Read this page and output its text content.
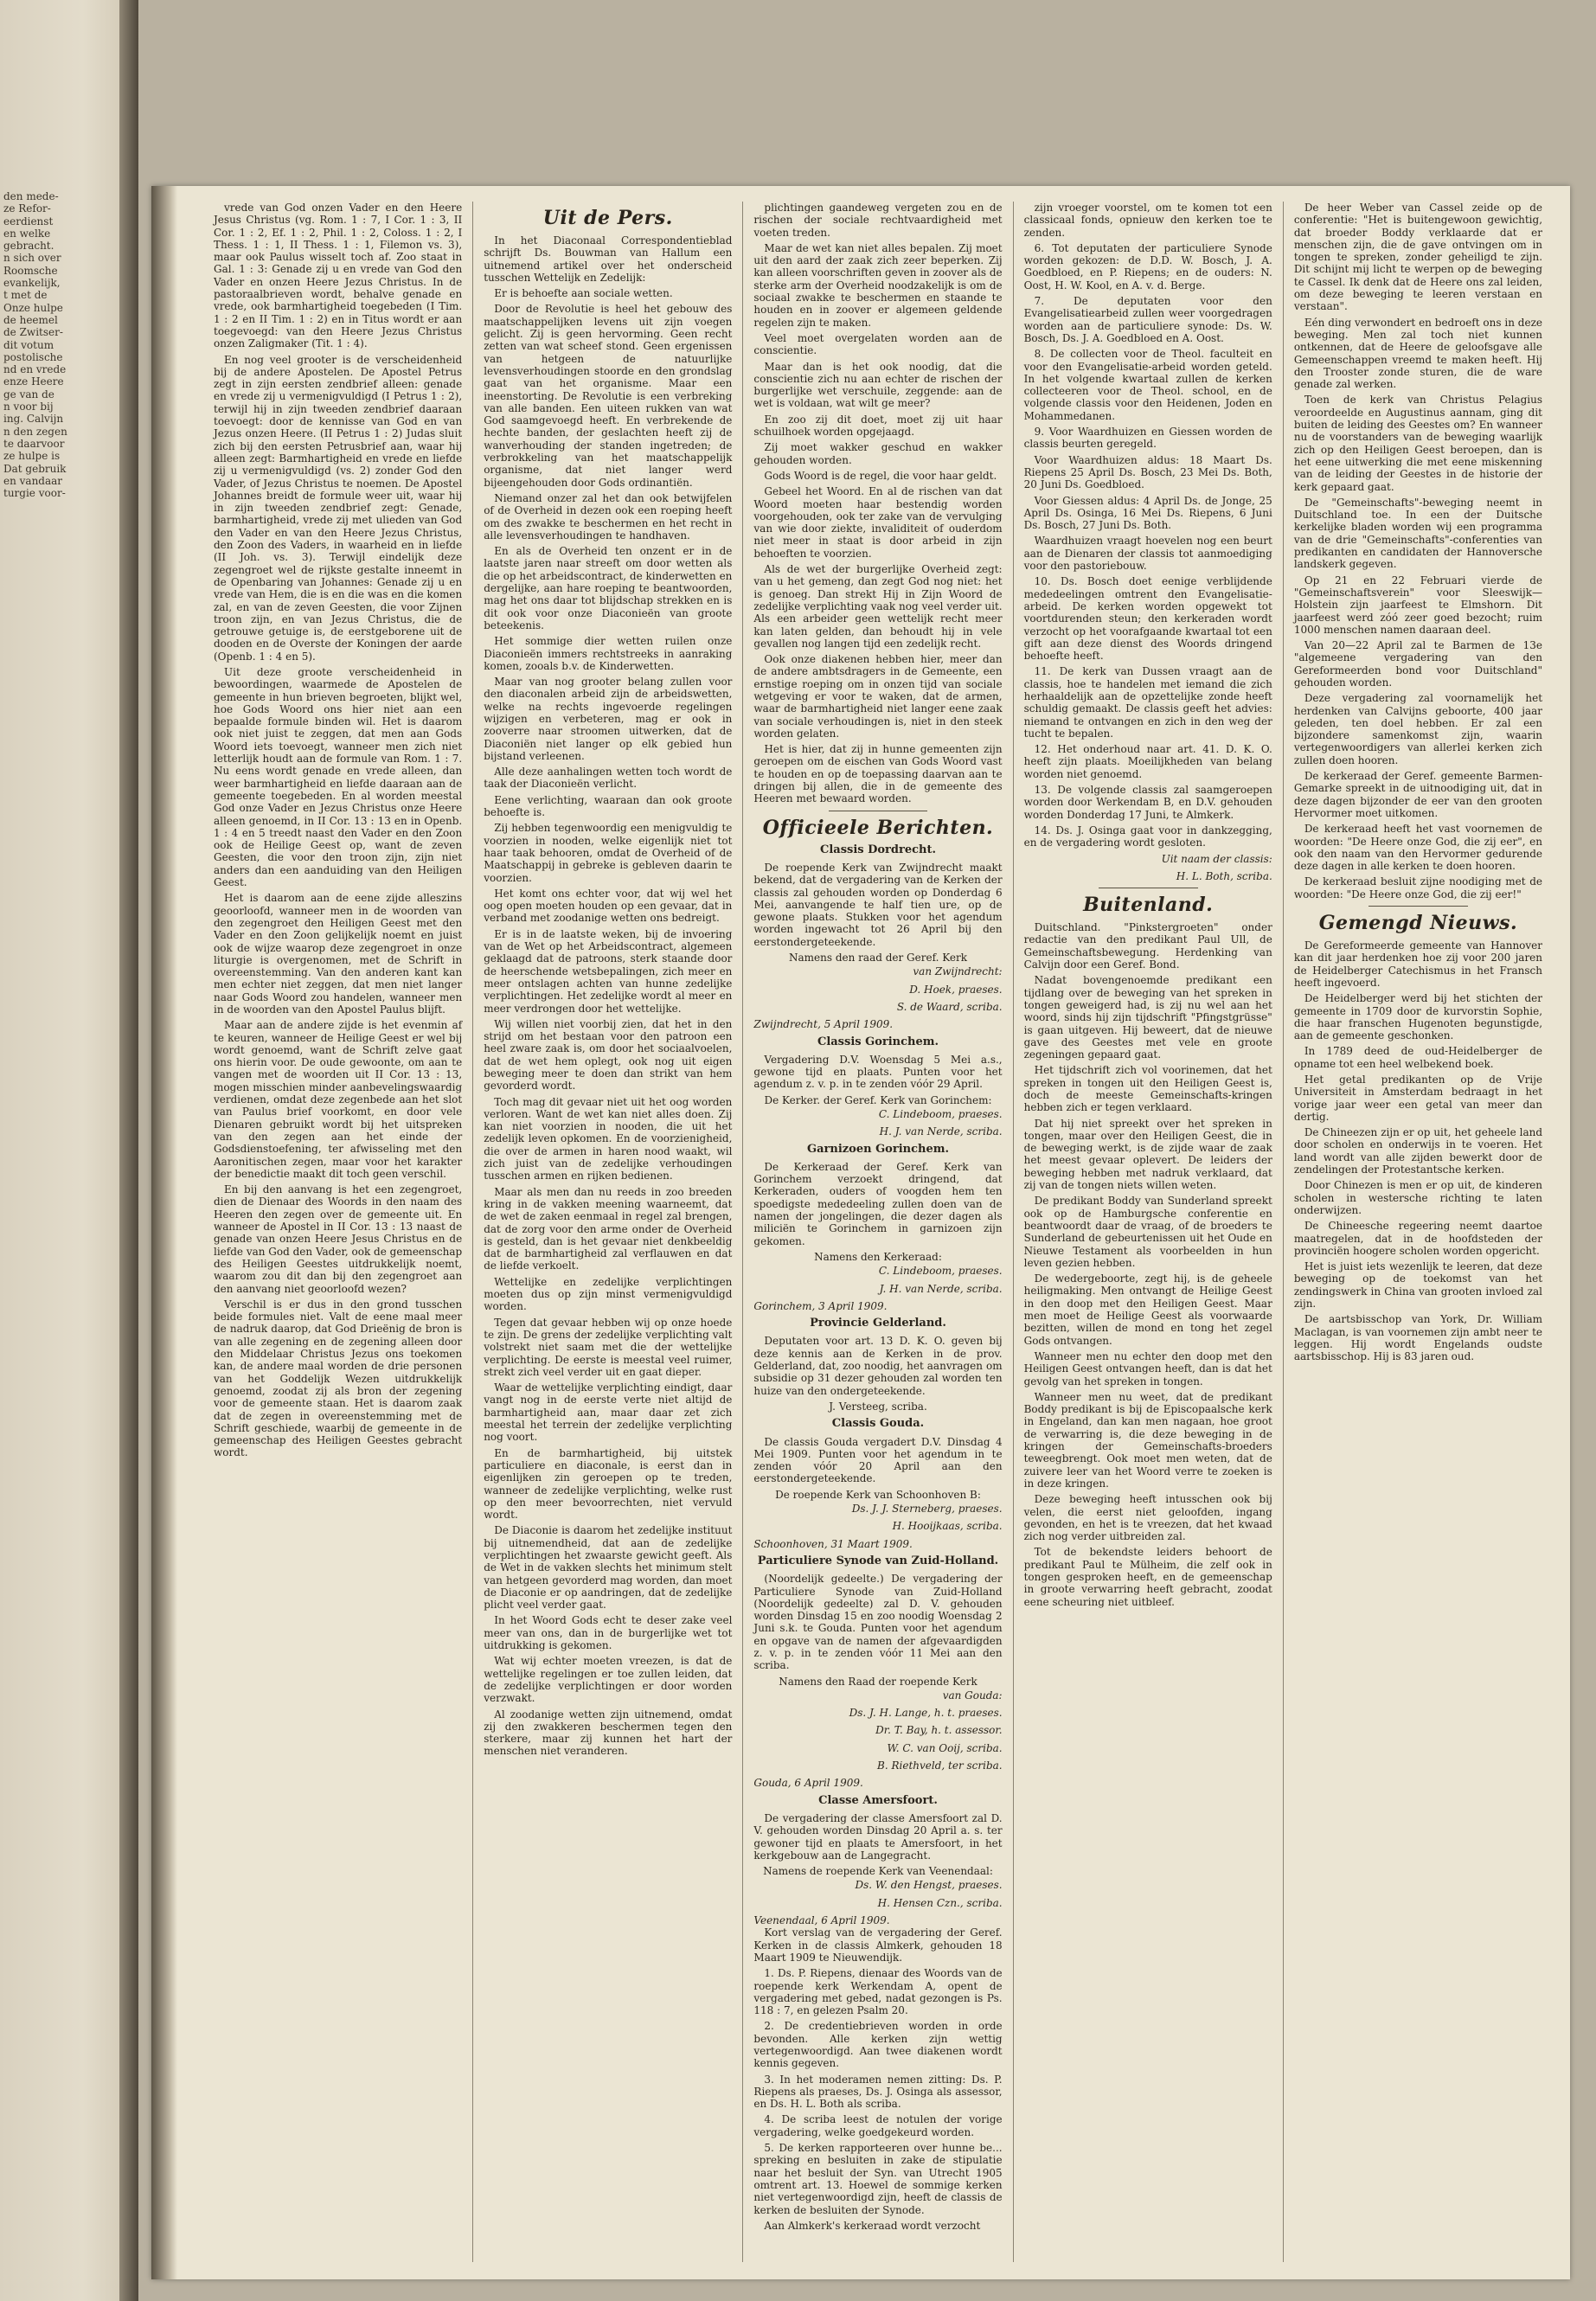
den mede-
ze Refor-
eerdienst
en welke
gebracht.
n sich over
Roomsche
evankelijk,
t met de
Onze hulpe
de heemel
de Zwitser-
dit votum
postolische
nd en vrede
enze Heere
ge van de
n voor bij
ing. Calvijn
n den zegen
te daarvoor
ze hulpe is
Dat gebruik
en vandaar
turgie voor-

vrede van God onzen Vader en den Heere Jesus Christus (vg. Rom. 1 : 7, I Cor. 1 : 3, II Cor. 1 : 2, Ef. 1 : 2, Phil. 1 : 2, Coloss. 1 : 2, I Thess. 1 : 1, II Thess. 1 : 1, Filemon vs. 3), maar ook Paulus wisselt toch af. Zoo staat in Gal. 1 : 3: Genade zij u en vrede van God den Vader en onzen Heere Jezus Christus. In de pastoraalbrieven wordt, behalve genade en vrede, ook barmhartigheid toegebeden (I Tim. 1 : 2 en II Tim. 1 : 2) en in Titus wordt er aan toegevoegd: van den Heere Jezus Christus onzen Zaligmaker (Tit. 1 : 4).

En nog veel grooter is de verscheidenheid bij de andere Apostelen. De Apostel Petrus zegt in zijn eersten zendbrief alleen: genade en vrede zij u vermenigvuldigd (I Petrus 1 : 2), terwijl hij in zijn tweeden zendbrief daaraan toevoegt: door de kennisse van God en van Jezus onzen Heere. (II Petrus 1 : 2) Judas sluit zich bij den eersten Petrusbrief aan, waar hij alleen zegt: Barmhartigheid en vrede en liefde zij u vermenigvuldigd (vs. 2) zonder God den Vader, of Jezus Christus te noemen. De Apostel Johannes breidt de formule weer uit, waar hij in zijn tweeden zendbrief zegt: Genade, barmhartigheid, vrede zij met ulieden van God den Vader en van den Heere Jezus Christus, den Zoon des Vaders, in waarheid en in liefde (II Joh. vs. 3). Terwijl eindelijk deze zegengroet wel de rijkste gestalte inneemt in de Openbaring van Johannes: Genade zij u en vrede van Hem, die is en die was en die komen zal, en van de zeven Geesten, die voor Zijnen troon zijn, en van Jezus Christus, die de getrouwe getuige is, de eerstgeborene uit de dooden en de Overste der Koningen der aarde (Openb. 1 : 4 en 5).

Uit deze groote verscheidenheid in bewoordingen, waarmede de Apostelen de gemeente in hun brieven begroeten, blijkt wel, hoe Gods Woord ons hier niet aan een bepaalde formule binden wil. Het is daarom ook niet juist te zeggen, dat men aan Gods Woord iets toevoegt, wanneer men zich niet letterlijk houdt aan de formule van Rom. 1 : 7. Nu eens wordt genade en vrede alleen, dan weer barmhartigheid en liefde daaraan aan de gemeente toegebeden. En al worden meestal God onze Vader en Jezus Christus onze Heere alleen genoemd, in II Cor. 13 : 13 en in Openb. 1 : 4 en 5 treedt naast den Vader en den Zoon ook de Heilige Geest op, want de zeven Geesten, die voor den troon zijn, zijn niet anders dan een aanduiding van den Heiligen Geest.

Het is daarom aan de eene zijde alleszins geoorloofd, wanneer men in de woorden van den zegengroet den Heiligen Geest met den Vader en den Zoon gelijkelijk noemt en juist ook de wijze waarop deze zegengroet in onze liturgie is overgenomen, met de Schrift in overeenstemming. Van den anderen kant kan men echter niet zeggen, dat men niet langer naar Gods Woord zou handelen, wanneer men in de woorden van den Apostel Paulus blijft.

Maar aan de andere zijde is het evenmin af te keuren, wanneer de Heilige Geest er wel bij wordt genoemd, want de Schrift zelve gaat ons hierin voor. De oude gewoonte, om aan te vangen met de woorden uit II Cor. 13 : 13, mogen misschien minder aanbevelingswaardig verdienen, omdat deze zegenbede aan het slot van Paulus brief voorkomt, en door vele Dienaren gebruikt wordt bij het uitspreken van den zegen aan het einde der Godsdienstoefening, ter afwisseling met den Aaronitischen zegen, maar voor het karakter der benedictie maakt dit toch geen verschil.

En bij den aanvang is het een zegengroet, dien de Dienaar des Woords in den naam des Heeren den zegen over de gemeente uit. En wanneer de Apostel in II Cor. 13 : 13 naast de genade van onzen Heere Jesus Christus en de liefde van God den Vader, ook de gemeenschap des Heiligen Geestes uitdrukkelijk noemt, waarom zou dit dan bij den zegengroet aan den aanvang niet geoorloofd wezen?

Verschil is er dus in den grond tusschen beide formules niet. Valt de eene maal meer de nadruk daarop, dat God Drieënig de bron is van alle zegening en de zegening alleen door den Middelaar Christus Jezus ons toekomen kan, de andere maal worden de drie personen van het Goddelijk Wezen uitdrukkelijk genoemd, zoodat zij als bron der zegening voor de gemeente staan. Het is daarom zaak dat de zegen in overeenstemming met de Schrift geschiede, waarbij de gemeente in de gemeenschap des Heiligen Geestes gebracht wordt.

Uit de Pers.

In het Diaconaal Correspondentieblad schrijft Ds. Bouwman van Hallum een uitnemend artikel over het onderscheid tusschen Wettelijk en Zedelijk:

Er is behoefte aan sociale wetten.

Door de Revolutie is heel het gebouw des maatschappelijken levens uit zijn voegen gelicht. Zij is geen hervorming. Geen recht zetten van wat scheef stond. Geen ergenissen van hetgeen de natuurlijke levensverhoudingen stoorde en den grondslag gaat van het organisme. Maar een ineenstorting. De Revolutie is een verbreking van alle banden. Een uiteen rukken van wat God saamgevoegd heeft. En verbrekende de hechte banden, der geslachten heeft zij de wanverhouding der standen ingetreden; de verbrokkeling van het maatschappelijk organisme, dat niet langer werd bijeengehouden door Gods ordinantiën.

Niemand onzer zal het dan ook betwijfelen of de Overheid in dezen ook een roeping heeft om des zwakke te beschermen en het recht in alle levensverhoudingen te handhaven.

En als de Overheid ten onzent er in de laatste jaren naar streeft om door wetten als die op het arbeidscontract, de kinderwetten en dergelijke, aan hare roeping te beantwoorden, mag het ons daar tot blijdschap strekken en is dit ook voor onze Diaconieën van groote beteekenis.

Het sommige dier wetten ruilen onze Diaconieën immers rechtstreeks in aanraking komen, zooals b.v. de Kinderwetten.

Maar van nog grooter belang zullen voor den diaconalen arbeid zijn de arbeidswetten, welke na rechts ingevoerde regelingen wijzigen en verbeteren, mag er ook in zooverre naar stroomen uitwerken, dat de Diaconiën niet langer op elk gebied hun bijstand verleenen.

Alle deze aanhalingen wetten toch wordt de taak der Diaconieën verlicht.

Eene verlichting, waaraan dan ook groote behoefte is.

Zij hebben tegenwoordig een menigvuldig te voorzien in nooden, welke eigenlijk niet tot haar taak behooren, omdat de Overheid of de Maatschappij in gebreke is gebleven daarin te voorzien.

Het komt ons echter voor, dat wij wel het oog open moeten houden op een gevaar, dat in verband met zoodanige wetten ons bedreigt.

Er is in de laatste weken, bij de invoering van de Wet op het Arbeidscontract, algemeen geklaagd dat de patroons, sterk staande door de heerschende wetsbepalingen, zich meer en meer ontslagen achten van hunne zedelijke verplichtingen. Het zedelijke wordt al meer en meer verdrongen door het wettelijke.

Wij willen niet voorbij zien, dat het in den strijd om het bestaan voor den patroon een heel zware zaak is, om door het sociaalvoelen, dat de wet hem oplegt, ook nog uit eigen beweging meer te doen dan strikt van hem gevorderd wordt.

Toch mag dit gevaar niet uit het oog worden verloren. Want de wet kan niet alles doen. Zij kan niet voorzien in nooden, die uit het zedelijk leven opkomen. En de voorzienigheid, die over de armen in haren nood waakt, wil zich juist van de zedelijke verhoudingen tusschen armen en rijken bedienen.

Maar als men dan nu reeds in zoo breeden kring in de vakken meening waarneemt, dat de wet de zaken eenmaal in regel zal brengen, dat de zorg voor den arme onder de Overheid is gesteld, dan is het gevaar niet denkbeeldig dat de barmhartigheid zal verflauwen en dat de liefde verkoelt.

Wettelijke en zedelijke verplichtingen moeten dus op zijn minst vermenigvuldigd worden.

Tegen dat gevaar hebben wij op onze hoede te zijn. De grens der zedelijke verplichting valt volstrekt niet saam met die der wettelijke verplichting. De eerste is meestal veel ruimer, strekt zich veel verder uit en gaat dieper.

Waar de wettelijke verplichting eindigt, daar vangt nog in de eerste verte niet altijd de barmhartigheid aan, maar daar zet zich meestal het terrein der zedelijke verplichting nog voort.

En de barmhartigheid, bij uitstek particuliere en diaconale, is eerst dan in eigenlijken zin geroepen op te treden, wanneer de zedelijke verplichting, welke rust op den meer bevoorrechten, niet vervuld wordt.

De Diaconie is daarom het zedelijke instituut bij uitnemendheid, dat aan de zedelijke verplichtingen het zwaarste gewicht geeft. Als de Wet in de vakken slechts het minimum stelt van hetgeen gevorderd mag worden, dan moet de Diaconie er op aandringen, dat de zedelijke plicht veel verder gaat.

In het Woord Gods echt te deser zake veel meer van ons, dan in de burgerlijke wet tot uitdrukking is gekomen.

Wat wij echter moeten vreezen, is dat de wettelijke regelingen er toe zullen leiden, dat de zedelijke verplichtingen er door worden verzwakt.

Al zoodanige wetten zijn uitnemend, omdat zij den zwakkeren beschermen tegen den sterkere, maar zij kunnen het hart der menschen niet veranderen.

plichtingen gaandeweg vergeten zou en de rischen der sociale rechtvaardigheid met voeten treden.

Maar de wet kan niet alles bepalen. Zij moet uit den aard der zaak zich zeer beperken. Zij kan alleen voorschriften geven in zoover als de sterke arm der Overheid noodzakelijk is om de sociaal zwakke te beschermen en staande te houden en in zoover er algemeen geldende regelen zijn te maken.

Veel moet overgelaten worden aan de conscientie.

Maar dan is het ook noodig, dat die conscientie zich nu aan echter de rischen der burgerlijke wet verschuile, zeggende: aan de wet is voldaan, wat wilt ge meer?

En zoo zij dit doet, moet zij uit haar schuilhoek worden opgejaagd.

Zij moet wakker geschud en wakker gehouden worden.

Gods Woord is de regel, die voor haar geldt.

Gebeel het Woord. En al de rischen van dat Woord moeten haar bestendig worden voorgehouden, ook ter zake van de vervulging van wie door ziekte, invaliditeit of ouderdom niet meer in staat is door arbeid in zijn behoeften te voorzien.

Als de wet der burgerlijke Overheid zegt: van u het gemeng, dan zegt God nog niet: het is genoeg. Dan strekt Hij in Zijn Woord de zedelijke verplichting vaak nog veel verder uit. Als een arbeider geen wettelijk recht meer kan laten gelden, dan behoudt hij in vele gevallen nog langen tijd een zedelijk recht.

Ook onze diakenen hebben hier, meer dan de andere ambtsdragers in de Gemeente, een ernstige roeping om in onzen tijd van sociale wetgeving er voor te waken, dat de armen, waar de barmhartigheid niet langer eene zaak van sociale verhoudingen is, niet in den steek worden gelaten.

Het is hier, dat zij in hunne gemeenten zijn geroepen om de eischen van Gods Woord vast te houden en op de toepassing daarvan aan te dringen bij allen, die in de gemeente des Heeren met bewaard worden.

Officieele Berichten.
Classis Dordrecht.

De roepende Kerk van Zwijndrecht maakt bekend, dat de vergadering van de Kerken der classis zal gehouden worden op Donderdag 6 Mei, aanvangende te half tien ure, op de gewone plaats. Stukken voor het agendum worden ingewacht tot 26 April bij den eerstondergeteekende.

Namens den raad der Geref. Kerk
van Zwijndrecht:
D. Hoek, praeses.
S. de Waard, scriba.
Zwijndrecht, 5 April 1909.
Classis Gorinchem.

Vergadering D.V. Woensdag 5 Mei a.s., gewone tijd en plaats. Punten voor het agendum z. v. p. in te zenden vóór 29 April.

De Kerker. der Geref. Kerk van Gorinchem:
C. Lindeboom, praeses.
H. J. van Nerde, scriba.
Garnizoen Gorinchem.

De Kerkeraad der Geref. Kerk van Gorinchem verzoekt dringend, dat Kerkeraden, ouders of voogden hem ten spoedigste mededeeling zullen doen van de namen der jongelingen, die dezer dagen als miliciën te Gorinchem in garnizoen zijn gekomen.

Namens den Kerkeraad:
C. Lindeboom, praeses.
J. H. van Nerde, scriba.
Gorinchem, 3 April 1909.
Provincie Gelderland.

Deputaten voor art. 13 D. K. O. geven bij deze kennis aan de Kerken in de prov. Gelderland, dat, zoo noodig, het aanvragen om subsidie op 31 dezer gehouden zal worden ten huize van den ondergeteekende.

J. Versteeg, scriba.
Classis Gouda.

De classis Gouda vergadert D.V. Dinsdag 4 Mei 1909. Punten voor het agendum in te zenden vóór 20 April aan den eerstondergeteekende.

De roepende Kerk van Schoonhoven B:
Ds. J. J. Sterneberg, praeses.
H. Hooijkaas, scriba.
Schoonhoven, 31 Maart 1909.
Particuliere Synode van Zuid-Holland.

(Noordelijk gedeelte.) De vergadering der Particuliere Synode van Zuid-Holland (Noordelijk gedeelte) zal D. V. gehouden worden Dinsdag 15 en zoo noodig Woensdag 2 Juni s.k. te Gouda. Punten voor het agendum en opgave van de namen der afgevaardigden z. v. p. in te zenden vóór 11 Mei aan den scriba.

Namens den Raad der roepende Kerk
van Gouda:
Ds. J. H. Lange, h. t. praeses.
Dr. T. Bay, h. t. assessor.
W. C. van Ooij, scriba.
B. Riethveld, ter scriba.
Gouda, 6 April 1909.
Classe Amersfoort.

De vergadering der classe Amersfoort zal D. V. gehouden worden Dinsdag 20 April a. s. ter gewoner tijd en plaats te Amersfoort, in het kerkgebouw aan de Langegracht.

Namens de roepende Kerk van Veenendaal:
Ds. W. den Hengst, praeses.
H. Hensen Czn., scriba.
Veenendaal, 6 April 1909.

Kort verslag van de vergadering der Geref. Kerken in de classis Almkerk, gehouden 18 Maart 1909 te Nieuwendijk.

1. Ds. P. Riepens, dienaar des Woords van de roepende kerk Werkendam A, opent de vergadering met gebed, nadat gezongen is Ps. 118 : 7, en gelezen Psalm 20.

2. De credentiebrieven worden in orde bevonden. Alle kerken zijn wettig vertegenwoordigd. Aan twee diakenen wordt kennis gegeven.

3. In het moderamen nemen zitting: Ds. P. Riepens als praeses, Ds. J. Osinga als assessor, en Ds. H. L. Both als scriba.

4. De scriba leest de notulen der vorige vergadering, welke goedgekeurd worden.

5. De kerken rapporteeren over hunne be... spreking en besluiten in zake de stipulatie naar het besluit der Syn. van Utrecht 1905 omtrent art. 13. Hoewel de sommige kerken niet vertegenwoordigd zijn, heeft de classis de kerken de besluiten der Synode.

Aan Almkerk's kerkeraad wordt verzocht

zijn vroeger voorstel, om te komen tot een classicaal fonds, opnieuw den kerken toe te zenden.

6. Tot deputaten der particuliere Synode worden gekozen: de D.D. W. Bosch, J. A. Goedbloed, en P. Riepens; en de ouders: N. Oost, H. W. Kool, en A. v. d. Berge.

7. De deputaten voor den Evangelisatiearbeid zullen weer voorgedragen worden aan de particuliere synode: Ds. W. Bosch, Ds. J. A. Goedbloed en A. Oost.

8. De collecten voor de Theol. faculteit en voor den Evangelisatie-arbeid worden geteld. In het volgende kwartaal zullen de kerken collecteeren voor de Theol. school, en de volgende classis voor den Heidenen, Joden en Mohammedanen.

9. Voor Waardhuizen en Giessen worden de classis beurten geregeld.

Voor Waardhuizen aldus: 18 Maart Ds. Riepens 25 April Ds. Bosch, 23 Mei Ds. Both, 20 Juni Ds. Goedbloed.

Voor Giessen aldus: 4 April Ds. de Jonge, 25 April Ds. Osinga, 16 Mei Ds. Riepens, 6 Juni Ds. Bosch, 27 Juni Ds. Both.

Waardhuizen vraagt hoevelen nog een beurt aan de Dienaren der classis tot aanmoediging voor den pastoriebouw.

10. Ds. Bosch doet eenige verblijdende mededeelingen omtrent den Evangelisatie-arbeid. De kerken worden opgewekt tot voortdurenden steun; den kerkeraden wordt verzocht op het voorafgaande kwartaal tot een gift aan deze dienst des Woords dringend behoefte heeft.

11. De kerk van Dussen vraagt aan de classis, hoe te handelen met iemand die zich herhaaldelijk aan de opzettelijke zonde heeft schuldig gemaakt. De classis geeft het advies: niemand te ontvangen en zich in den weg der tucht te bepalen.

12. Het onderhoud naar art. 41. D. K. O. heeft zijn plaats. Moeilijkheden van belang worden niet genoemd.

13. De volgende classis zal saamgeroepen worden door Werkendam B, en D.V. gehouden worden Donderdag 17 Juni, te Almkerk.

14. Ds. J. Osinga gaat voor in dankzegging, en de vergadering wordt gesloten.

Uit naam der classis:
H. L. Both, scriba.
Buitenland.

Duitschland. "Pinkstergroeten" onder redactie van den predikant Paul Ull, de Gemeinschaftsbewegung. Herdenking van Calvijn door een Geref. Bond.

Nadat bovengenoemde predikant een tijdlang over de beweging van het spreken in tongen geweigerd had, is zij nu wel aan het woord, sinds hij zijn tijdschrift "Pfingstgrüsse" is gaan uitgeven. Hij beweert, dat de nieuwe gave des Geestes met vele en groote zegeningen gepaard gaat.

Het tijdschrift zich vol voorinemen, dat het spreken in tongen uit den Heiligen Geest is, doch de meeste Gemeinschafts-kringen hebben zich er tegen verklaard.

Dat hij niet spreekt over het spreken in tongen, maar over den Heiligen Geest, die in de beweging werkt, is de zijde waar de zaak het meest gevaar oplevert. De leiders der beweging hebben met nadruk verklaard, dat zij van de tongen niets willen weten.

De predikant Boddy van Sunderland spreekt ook op de Hamburgsche conferentie en beantwoordt daar de vraag, of de broeders te Sunderland de gebeurtenissen uit het Oude en Nieuwe Testament als voorbeelden in hun leven gezien hebben.

De wedergeboorte, zegt hij, is de geheele heiligmaking. Men ontvangt de Heilige Geest in den doop met den Heiligen Geest. Maar men moet de Heilige Geest als voorwaarde bezitten, willen de mond en tong het zegel Gods ontvangen.

Wanneer men nu echter den doop met den Heiligen Geest ontvangen heeft, dan is dat het gevolg van het spreken in tongen.

Wanneer men nu weet, dat de predikant Boddy predikant is bij de Episcopaalsche kerk in Engeland, dan kan men nagaan, hoe groot de verwarring is, die deze beweging in de kringen der Gemeinschafts-broeders teweegbrengt. Ook moet men weten, dat de zuivere leer van het Woord verre te zoeken is in deze kringen.

Deze beweging heeft intusschen ook bij velen, die eerst niet geloofden, ingang gevonden, en het is te vreezen, dat het kwaad zich nog verder uitbreiden zal.

Tot de bekendste leiders behoort de predikant Paul te Mülheim, die zelf ook in tongen gesproken heeft, en de gemeenschap in groote verwarring heeft gebracht, zoodat eene scheuring niet uitbleef.

De heer Weber van Cassel zeide op de conferentie: "Het is buitengewoon gewichtig, dat broeder Boddy verklaarde dat er menschen zijn, die de gave ontvingen om in tongen te spreken, zonder geheiligd te zijn. Dit schijnt mij licht te werpen op de beweging te Cassel. Ik denk dat de Heere ons zal leiden, om deze beweging te leeren verstaan en verstaan".

Eén ding verwondert en bedroeft ons in deze beweging. Men zal toch niet kunnen ontkennen, dat de Heere de geloofsgave alle Gemeenschappen vreemd te maken heeft. Hij den Trooster zonde sturen, die de ware genade zal werken.

Toen de kerk van Christus Pelagius veroordeelde en Augustinus aannam, ging dit buiten de leiding des Geestes om? En wanneer nu de voorstanders van de beweging waarlijk zich op den Heiligen Geest beroepen, dan is het eene uitwerking die met eene miskenning van de leiding der Geestes in de historie der kerk gepaard gaat.

De "Gemeinschafts"-beweging neemt in Duitschland toe. In een der Duitsche kerkelijke bladen worden wij een programma van de drie "Gemeinschafts"-conferenties van predikanten en candidaten der Hannoversche landskerk gegeven.

Op 21 en 22 Februari vierde de "Gemeinschaftsverein" voor Sleeswijk—Holstein zijn jaarfeest te Elmshorn. Dit jaarfeest werd zóó zeer goed bezocht; ruim 1000 menschen namen daaraan deel.

Van 20—22 April zal te Barmen de 13e "algemeene vergadering van den Gereformeerden bond voor Duitschland" gehouden worden.

Deze vergadering zal voornamelijk het herdenken van Calvijns geboorte, 400 jaar geleden, ten doel hebben. Er zal een bijzondere samenkomst zijn, waarin vertegenwoordigers van allerlei kerken zich zullen doen hooren.

De kerkeraad der Geref. gemeente Barmen-Gemarke spreekt in de uitnoodiging uit, dat in deze dagen bijzonder de eer van den grooten Hervormer moet uitkomen.

De kerkeraad heeft het vast voornemen de woorden: "De Heere onze God, die zij eer", en ook den naam van den Hervormer gedurende deze dagen in alle kerken te doen hooren.

De kerkeraad besluit zijne noodiging met de woorden: "De Heere onze God, die zij eer!"

Gemengd Nieuws.

De Gereformeerde gemeente van Hannover kan dit jaar herdenken hoe zij voor 200 jaren de Heidelberger Catechismus in het Fransch heeft ingevoerd.

De Heidelberger werd bij het stichten der gemeente in 1709 door de kurvorstin Sophie, die haar franschen Hugenoten begunstigde, aan de gemeente geschonken.

In 1789 deed de oud-Heidelberger de opname tot een heel welbekend boek.

Het getal predikanten op de Vrije Universiteit in Amsterdam bedraagt in het vorige jaar weer een getal van meer dan dertig.

De Chineezen zijn er op uit, het geheele land door scholen en onderwijs in te voeren. Het land wordt van alle zijden bewerkt door de zendelingen der Protestantsche kerken.

Door Chinezen is men er op uit, de kinderen scholen in westersche richting te laten onderwijzen.

De Chineesche regeering neemt daartoe maatregelen, dat in de hoofdsteden der provinciën hoogere scholen worden opgericht.

Het is juist iets wezenlijk te leeren, dat deze beweging op de toekomst van het zendingswerk in China van grooten invloed zal zijn.

De aartsbisschop van York, Dr. William Maclagan, is van voornemen zijn ambt neer te leggen. Hij wordt Engelands oudste aartsbisschop. Hij is 83 jaren oud.
